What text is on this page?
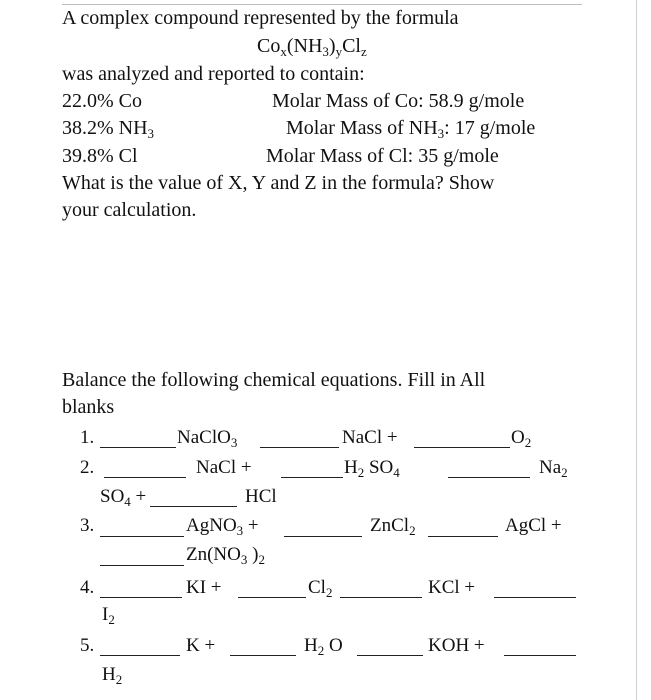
A complex compound represented by the formula
$Co_x(NH_3)_yCl_z$
was analyzed and reported to contain:
22.0% Co	Molar Mass of Co: 58.9 g/mole
38.2% $NH_3$	Molar Mass of $NH_3$: 17 g/mole
39.8% Cl	Molar Mass of Cl: 35 g/mole
What is the value of X, Y and Z in the formula? Show
your calculation.
Balance the following chemical equations. Fill in All
blanks
1.	NaClO$_3$	NaCl +	$O_2$
2.	NaCl +	$H_2$ $SO_4$	$Na_2$
$SO_4$ +	HCl
3.	AgNO$_3$ +	ZnCl$_2$	AgCl +
$Zn(NO_3$ )$_2$
4.	KI +	$Cl_2$	KCl +
$I_2$
5.	K +	$H_2$ O	KOH +
$H_2$
